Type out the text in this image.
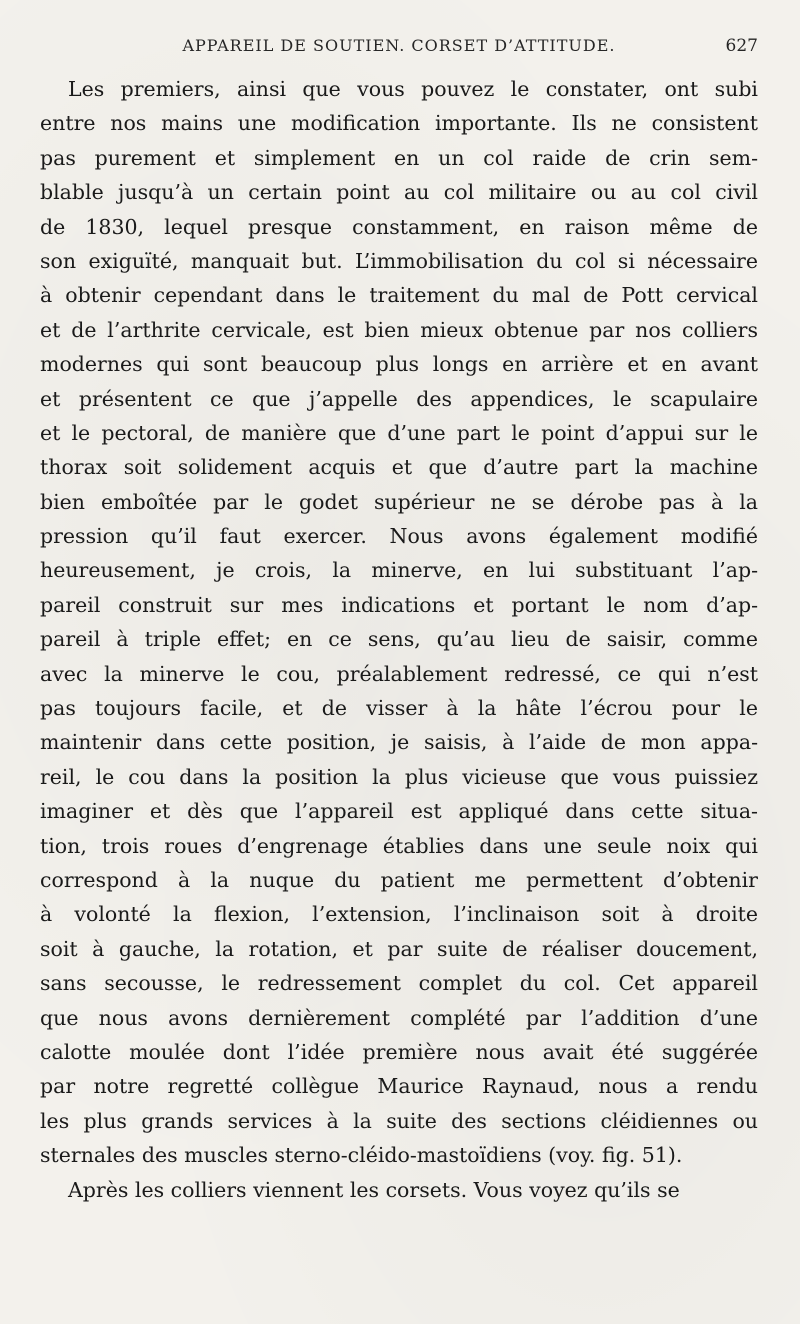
APPAREIL DE SOUTIEN. CORSET D’ATTITUDE.	627
Les premiers, ainsi que vous pouvez le constater, ont subi
entre nos mains une modification importante. Ils ne consistent
pas purement et simplement en un col raide de crin sem-
blable jusqu’à un certain point au col militaire ou au col civil
de 1830, lequel presque constamment, en raison même de
son exiguïté, manquait but. L’immobilisation du col si nécessaire
à obtenir cependant dans le traitement du mal de Pott cervical
et de l’arthrite cervicale, est bien mieux obtenue par nos colliers
modernes qui sont beaucoup plus longs en arrière et en avant
et présentent ce que j’appelle des appendices, le scapulaire
et le pectoral, de manière que d’une part le point d’appui sur le
thorax soit solidement acquis et que d’autre part la machine
bien emboîtée par le godet supérieur ne se dérobe pas à la
pression qu’il faut exercer. Nous avons également modifié
heureusement, je crois, la minerve, en lui substituant l’ap-
pareil construit sur mes indications et portant le nom d’ap-
pareil à triple effet; en ce sens, qu’au lieu de saisir, comme
avec la minerve le cou, préalablement redressé, ce qui n’est
pas toujours facile, et de visser à la hâte l’écrou pour le
maintenir dans cette position, je saisis, à l’aide de mon appa-
reil, le cou dans la position la plus vicieuse que vous puissiez
imaginer et dès que l’appareil est appliqué dans cette situa-
tion, trois roues d’engrenage établies dans une seule noix qui
correspond à la nuque du patient me permettent d’obtenir
à volonté la flexion, l’extension, l’inclinaison soit à droite
soit à gauche, la rotation, et par suite de réaliser doucement,
sans secousse, le redressement complet du col. Cet appareil
que nous avons dernièrement complété par l’addition d’une
calotte moulée dont l’idée première nous avait été suggérée
par notre regretté collègue Maurice Raynaud, nous a rendu
les plus grands services à la suite des sections cléidiennes ou
sternales des muscles sterno-cléido-mastoïdiens (voy. fig. 51).
Après les colliers viennent les corsets. Vous voyez qu’ils se
